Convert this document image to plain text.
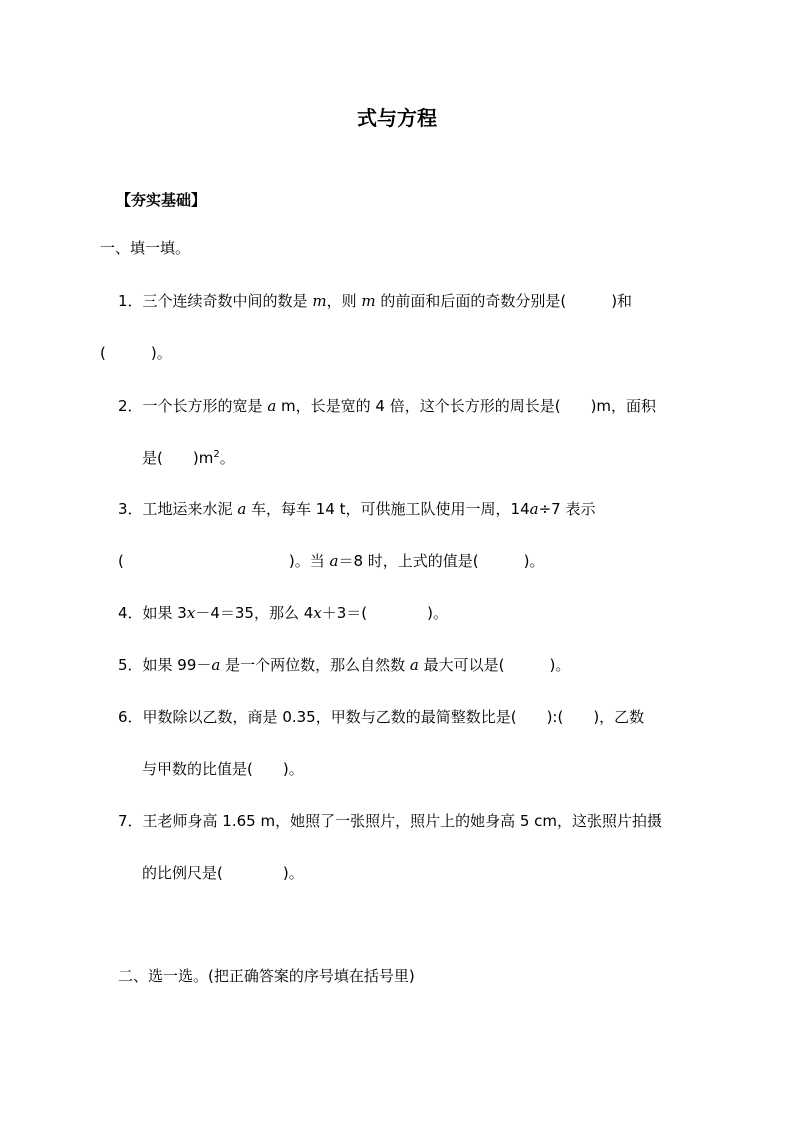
式与方程
【夯实基础】
一、填一填。
1．三个连续奇数中间的数是 m，则 m 的前面和后面的奇数分别是(　　　)和
(　　　)。
2．一个长方形的宽是 a m，长是宽的 4 倍，这个长方形的周长是(　　)m，面积
是(　　)$m^2$。
3．工地运来水泥 a 车，每车 14 t，可供施工队使用一周，14a÷7 表示
(　　　　　　　　　　　)。当 a＝8 时，上式的值是(　　　)。
4．如果 3x－4＝35，那么 4x＋3＝(　　　　)。
5．如果 99－a 是一个两位数，那么自然数 a 最大可以是(　　　)。
6．甲数除以乙数，商是 0.35，甲数与乙数的最简整数比是(　　):(　　)，乙数
与甲数的比值是(　　)。
7．王老师身高 1.65 m，她照了一张照片，照片上的她身高 5 cm，这张照片拍摄
的比例尺是(　　　　)。
二、选一选。(把正确答案的序号填在括号里)
